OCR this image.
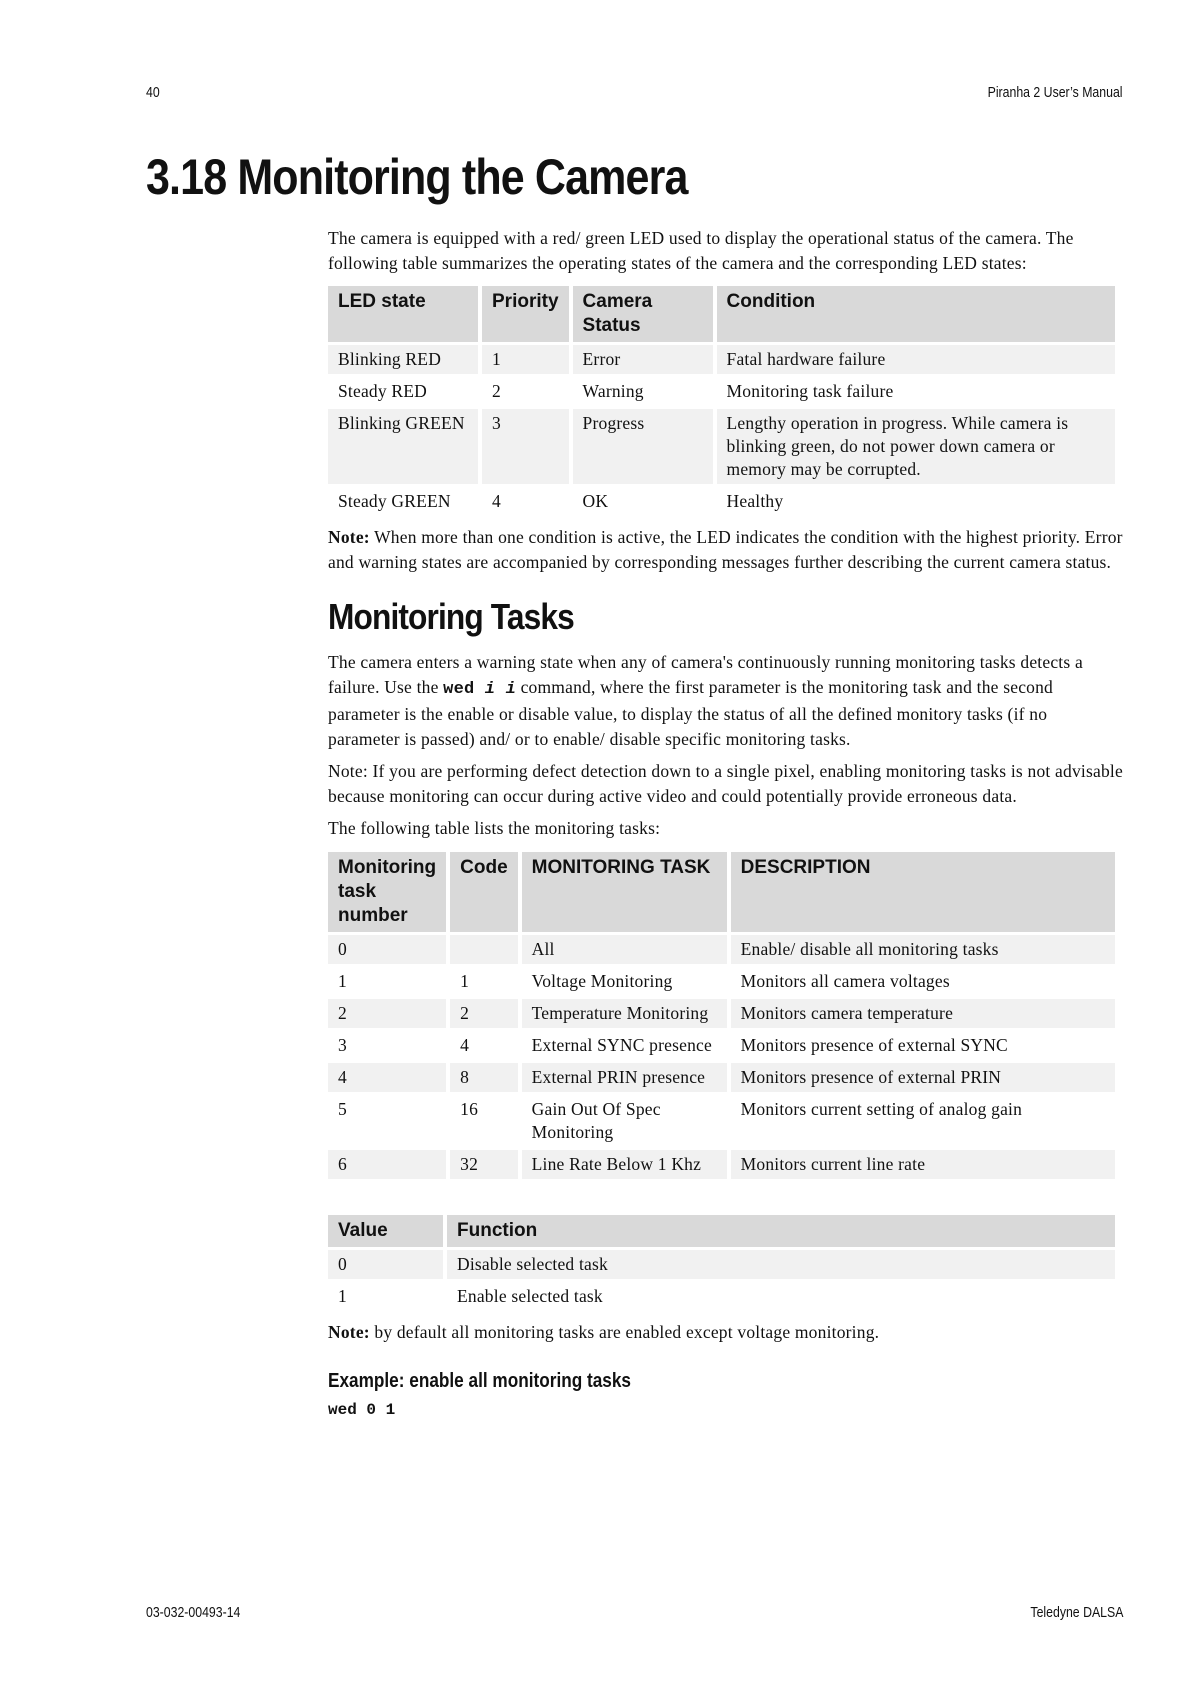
40	Piranha 2 User’s Manual
3.18 Monitoring the Camera

The camera is equipped with a red/ green LED used to display the operational status of the camera. The following table summarizes the operating states of the camera and the corresponding LED states:

LED state	Priority	Camera Status	Condition
Blinking RED	1	Error	Fatal hardware failure
Steady RED	2	Warning	Monitoring task failure
Blinking GREEN	3	Progress	Lengthy operation in progress. While camera is blinking green, do not power down camera or memory may be corrupted.
Steady GREEN	4	OK	Healthy

Note: When more than one condition is active, the LED indicates the condition with the highest priority. Error and warning states are accompanied by corresponding messages further describing the current camera status.

Monitoring Tasks

The camera enters a warning state when any of camera's continuously running monitoring tasks detects a failure. Use the wed i i command, where the first parameter is the monitoring task and the second parameter is the enable or disable value, to display the status of all the defined monitory tasks (if no parameter is passed) and/ or to enable/ disable specific monitoring tasks.

Note: If you are performing defect detection down to a single pixel, enabling monitoring tasks is not advisable because monitoring can occur during active video and could potentially provide erroneous data.

The following table lists the monitoring tasks:

Monitoring task number	Code	MONITORING TASK	DESCRIPTION
0		All	Enable/ disable all monitoring tasks
1	1	Voltage Monitoring	Monitors all camera voltages
2	2	Temperature Monitoring	Monitors camera temperature
3	4	External SYNC presence	Monitors presence of external SYNC
4	8	External PRIN presence	Monitors presence of external PRIN
5	16	Gain Out Of Spec Monitoring	Monitors current setting of analog gain
6	32	Line Rate Below 1 Khz	Monitors current line rate
Value	Function
0	Disable selected task
1	Enable selected task

Note: by default all monitoring tasks are enabled except voltage monitoring.

Example: enable all monitoring tasks
wed 0 1
03-032-00493-14	Teledyne DALSA
